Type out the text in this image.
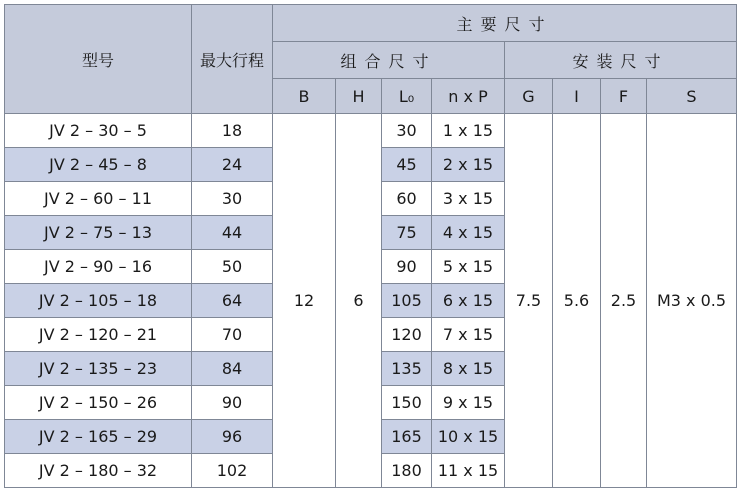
型号	最大行程	主要尺寸							
		组合尺寸				安装尺寸			
		B	H	L₀	n x P	G	I	F	S
JV 2 – 30 – 5	18	12	6	30	1 x 15	7.5	5.6	2.5	M3 x 0.5
JV 2 – 45 – 8	24			45	2 x 15				
JV 2 – 60 – 11	30			60	3 x 15				
JV 2 – 75 – 13	44			75	4 x 15				
JV 2 – 90 – 16	50			90	5 x 15				
JV 2 – 105 – 18	64			105	6 x 15				
JV 2 – 120 – 21	70			120	7 x 15				
JV 2 – 135 – 23	84			135	8 x 15				
JV 2 – 150 – 26	90			150	9 x 15				
JV 2 – 165 – 29	96			165	10 x 15				
JV 2 – 180 – 32	102			180	11 x 15				
